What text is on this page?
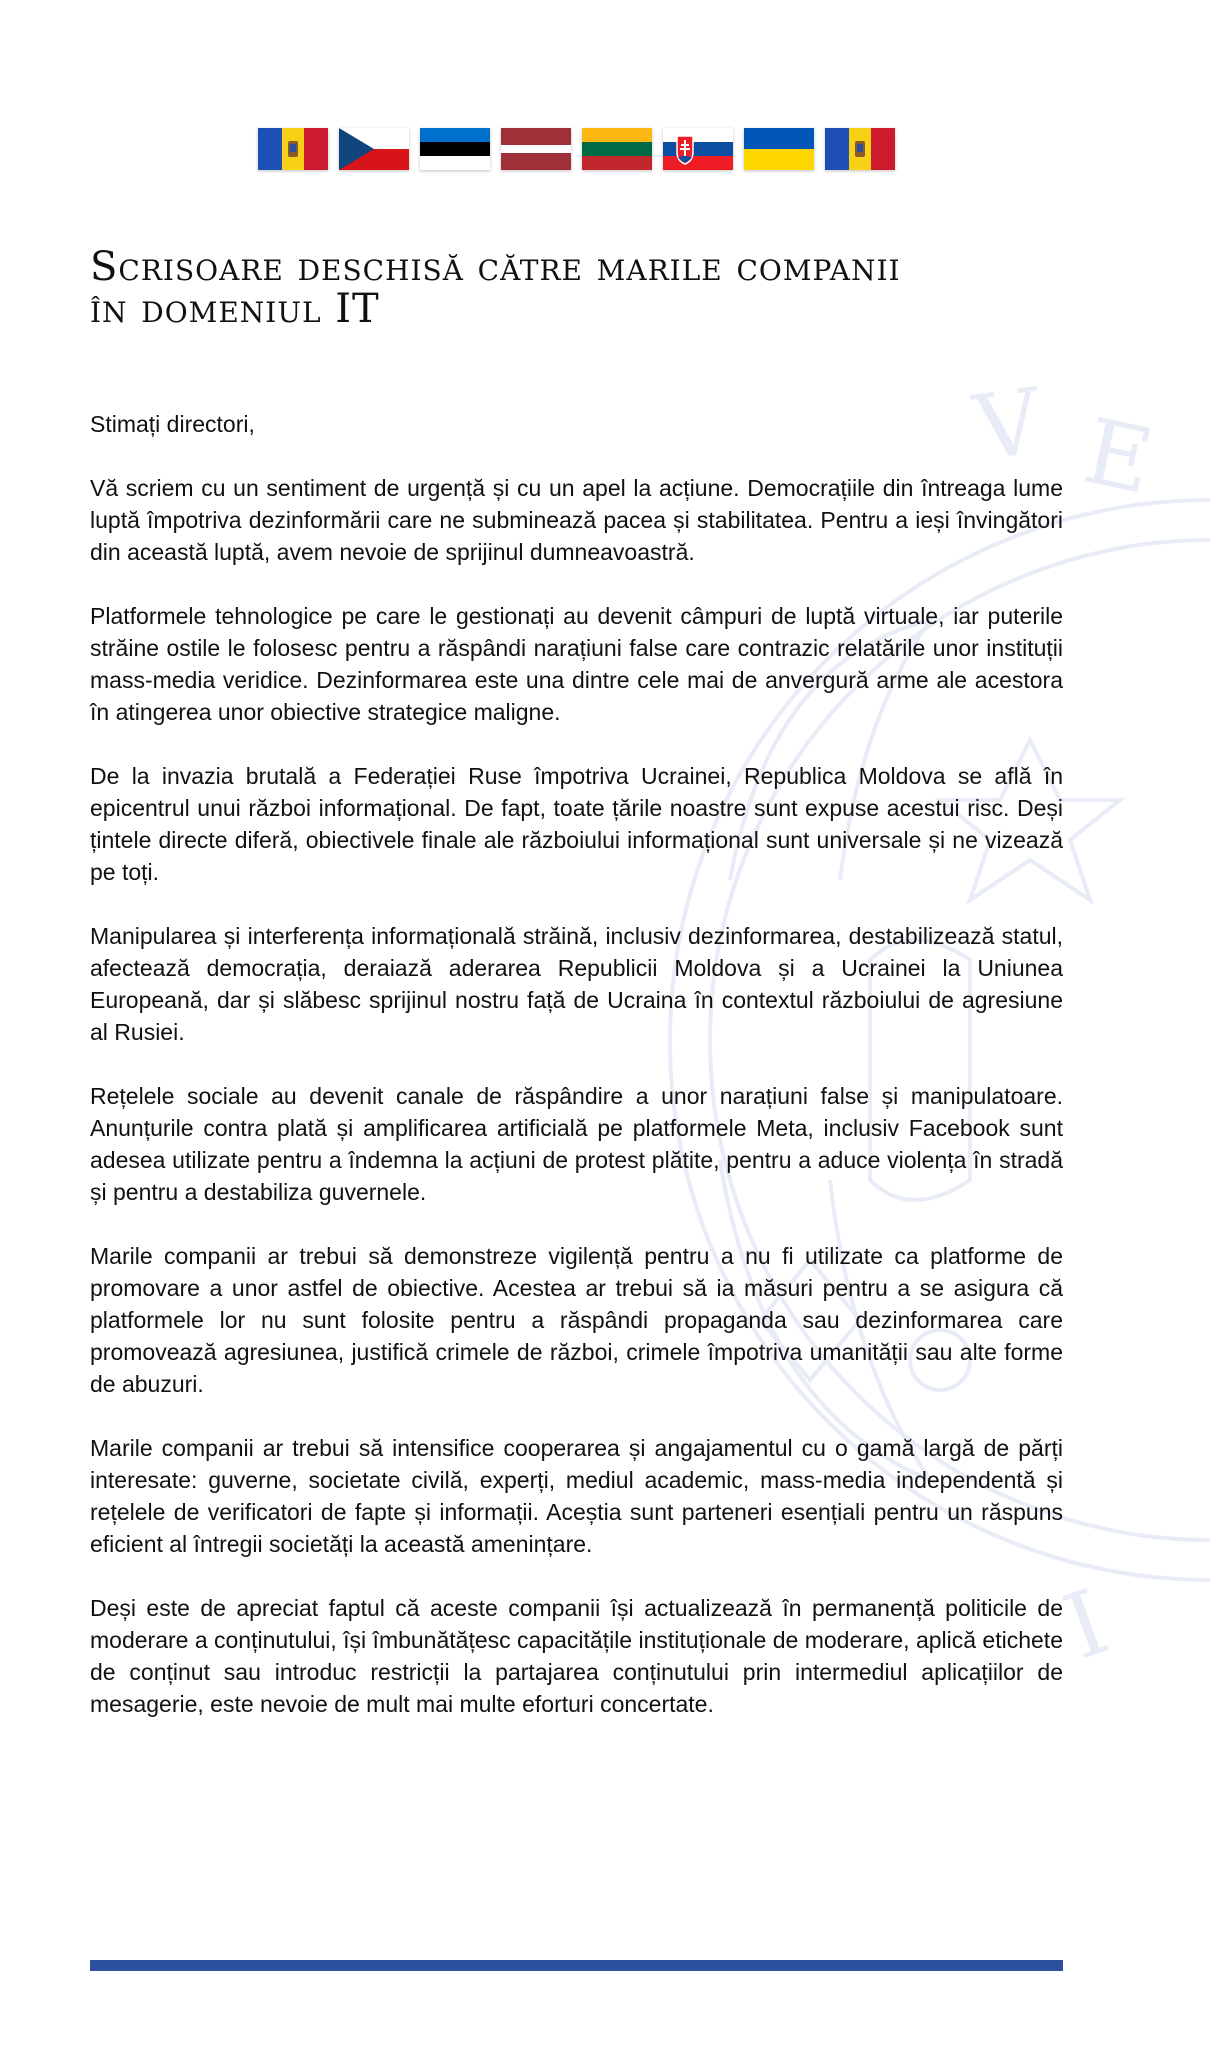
E
V
I
Scrisoare deschisă către marile companii
în domeniul IT

Stimați directori,

Vă scriem cu un sentiment de urgență și cu un apel la acțiune. Democrațiile din întreaga lume luptă împotriva dezinformării care ne subminează pacea și stabilitatea. Pentru a ieși învingători din această luptă, avem nevoie de sprijinul dumneavoastră.

Platformele tehnologice pe care le gestionați au devenit câmpuri de luptă virtuale, iar puterile străine ostile le folosesc pentru a răspândi narațiuni false care contrazic relatările unor instituții mass-media veridice. Dezinformarea este una dintre cele mai de anvergură arme ale acestora în atingerea unor obiective strategice maligne.

De la invazia brutală a Federației Ruse împotriva Ucrainei, Republica Moldova se află în epicentrul unui război informațional. De fapt, toate țările noastre sunt expuse acestui risc. Deși țintele directe diferă, obiectivele finale ale războiului informațional sunt universale și ne vizează pe toți.

Manipularea și interferența informațională străină, inclusiv dezinformarea, destabilizează statul, afectează democrația, deraiază aderarea Republicii Moldova și a Ucrainei la Uniunea Europeană, dar și slăbesc sprijinul nostru față de Ucraina în contextul războiului de agresiune al Rusiei.

Rețelele sociale au devenit canale de răspândire a unor narațiuni false și manipulatoare. Anunțurile contra plată și amplificarea artificială pe platformele Meta, inclusiv Facebook sunt adesea utilizate pentru a îndemna la acțiuni de protest plătite, pentru a aduce violența în stradă și pentru a destabiliza guvernele.

Marile companii ar trebui să demonstreze vigilență pentru a nu fi utilizate ca platforme de promovare a unor astfel de obiective. Acestea ar trebui să ia măsuri pentru a se asigura că platformele lor nu sunt folosite pentru a răspândi propaganda sau dezinformarea care promovează agresiunea, justifică crimele de război, crimele împotriva umanității sau alte forme de abuzuri.

Marile companii ar trebui să intensifice cooperarea și angajamentul cu o gamă largă de părți interesate: guverne, societate civilă, experți, mediul academic, mass-media independentă și rețelele de verificatori de fapte și informații. Aceștia sunt parteneri esențiali pentru un răspuns eficient al întregii societăți la această amenințare.

Deși este de apreciat faptul că aceste companii își actualizează în permanență politicile de moderare a conținutului, își îmbunătățesc capacitățile instituționale de moderare, aplică etichete de conținut sau introduc restricții la partajarea conținutului prin intermediul aplicațiilor de mesagerie, este nevoie de mult mai multe eforturi concertate.
